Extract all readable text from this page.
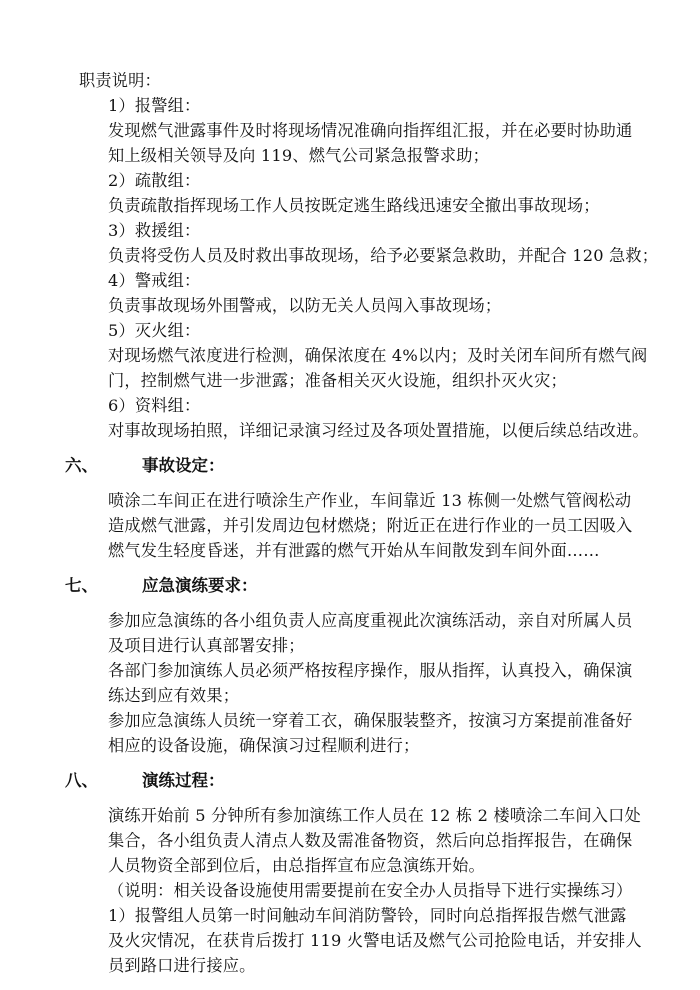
职责说明：
1）报警组：
发现燃气泄露事件及时将现场情况准确向指挥组汇报，并在必要时协助通
知上级相关领导及向 119、燃气公司紧急报警求助；
2）疏散组：
负责疏散指挥现场工作人员按既定逃生路线迅速安全撤出事故现场；
3）救援组：
负责将受伤人员及时救出事故现场，给予必要紧急救助，并配合 120 急救；
4）警戒组：
负责事故现场外围警戒，以防无关人员闯入事故现场；
5）灭火组：
对现场燃气浓度进行检测，确保浓度在 4%以内；及时关闭车间所有燃气阀
门，控制燃气进一步泄露；准备相关灭火设施，组织扑灭火灾；
6）资料组：
对事故现场拍照，详细记录演习经过及各项处置措施，以便后续总结改进。
六、	事故设定：
喷涂二车间正在进行喷涂生产作业，车间靠近 13 栋侧一处燃气管阀松动
造成燃气泄露，并引发周边包材燃烧；附近正在进行作业的一员工因吸入
燃气发生轻度昏迷，并有泄露的燃气开始从车间散发到车间外面……
七、	应急演练要求：
参加应急演练的各小组负责人应高度重视此次演练活动，亲自对所属人员
及项目进行认真部署安排；
各部门参加演练人员必须严格按程序操作，服从指挥，认真投入，确保演
练达到应有效果；
参加应急演练人员统一穿着工衣，确保服装整齐，按演习方案提前准备好
相应的设备设施，确保演习过程顺利进行；
八、	演练过程：
演练开始前 5 分钟所有参加演练工作人员在 12 栋 2 楼喷涂二车间入口处
集合，各小组负责人清点人数及需准备物资，然后向总指挥报告，在确保
人员物资全部到位后，由总指挥宣布应急演练开始。
（说明：相关设备设施使用需要提前在安全办人员指导下进行实操练习）
1）报警组人员第一时间触动车间消防警铃，同时向总指挥报告燃气泄露
及火灾情况，在获肯后拨打 119 火警电话及燃气公司抢险电话，并安排人
员到路口进行接应。
